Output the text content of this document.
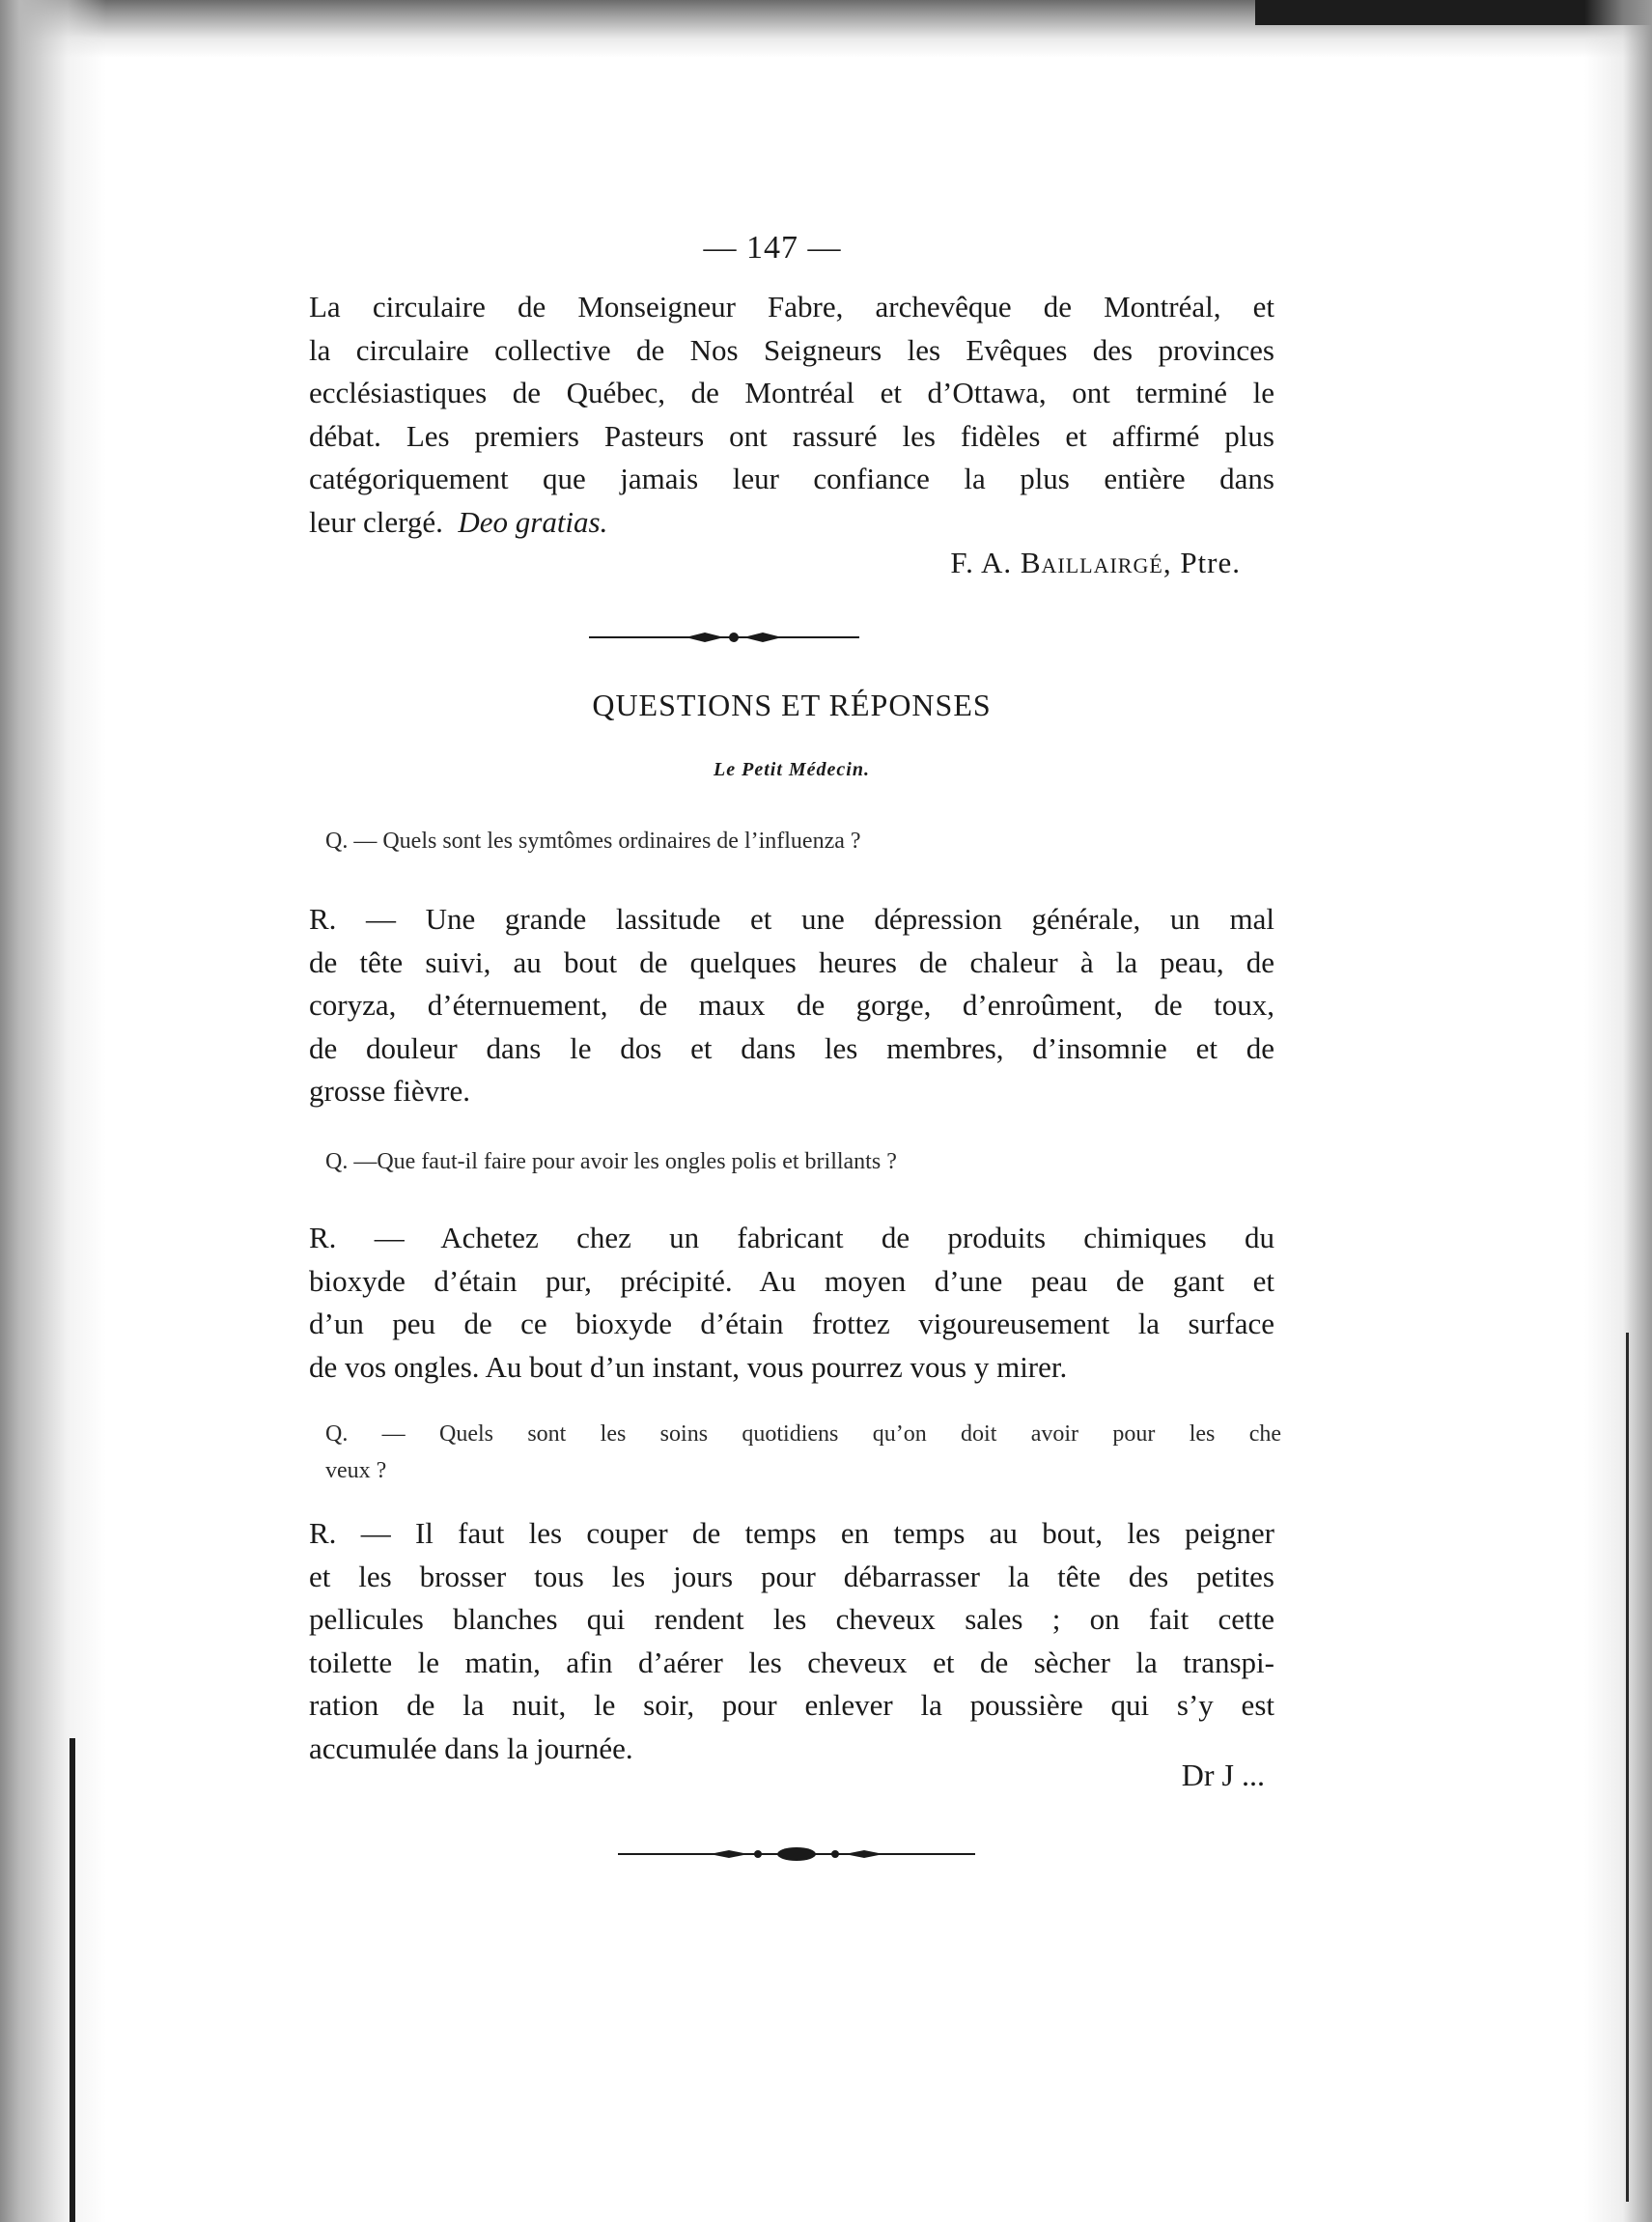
— 147 —
La circulaire de Monseigneur Fabre, archevêque de Montréal, et
la circulaire collective de Nos Seigneurs les Evêques des provinces
ecclésiastiques de Québec, de Montréal et d’Ottawa, ont terminé le
débat. Les premiers Pasteurs ont rassuré les fidèles et affirmé plus
catégoriquement que jamais leur confiance la plus entière dans
leur clergé. Deo gratias.
F. A. Baillairgé, Ptre.
QUESTIONS ET RÉPONSES
Le Petit Médecin.
Q. — Quels sont les symtômes ordinaires de l’influenza ?
R. — Une grande lassitude et une dépression générale, un mal
de tête suivi, au bout de quelques heures de chaleur à la peau, de
coryza, d’éternuement, de maux de gorge, d’enroûment, de toux,
de douleur dans le dos et dans les membres, d’insomnie et de
grosse fièvre.
Q. —Que faut-il faire pour avoir les ongles polis et brillants ?
R. — Achetez chez un fabricant de produits chimiques du
bioxyde d’étain pur, précipité. Au moyen d’une peau de gant et
d’un peu de ce bioxyde d’étain frottez vigoureusement la surface
de vos ongles. Au bout d’un instant, vous pourrez vous y mirer.
Q. — Quels sont les soins quotidiens qu’on doit avoir pour les che
veux ?
R. — Il faut les couper de temps en temps au bout, les peigner
et les brosser tous les jours pour débarrasser la tête des petites
pellicules blanches qui rendent les cheveux sales ; on fait cette
toilette le matin, afin d’aérer les cheveux et de sècher la transpi-
ration de la nuit, le soir, pour enlever la poussière qui s’y est
accumulée dans la journée.
Dr J ...
